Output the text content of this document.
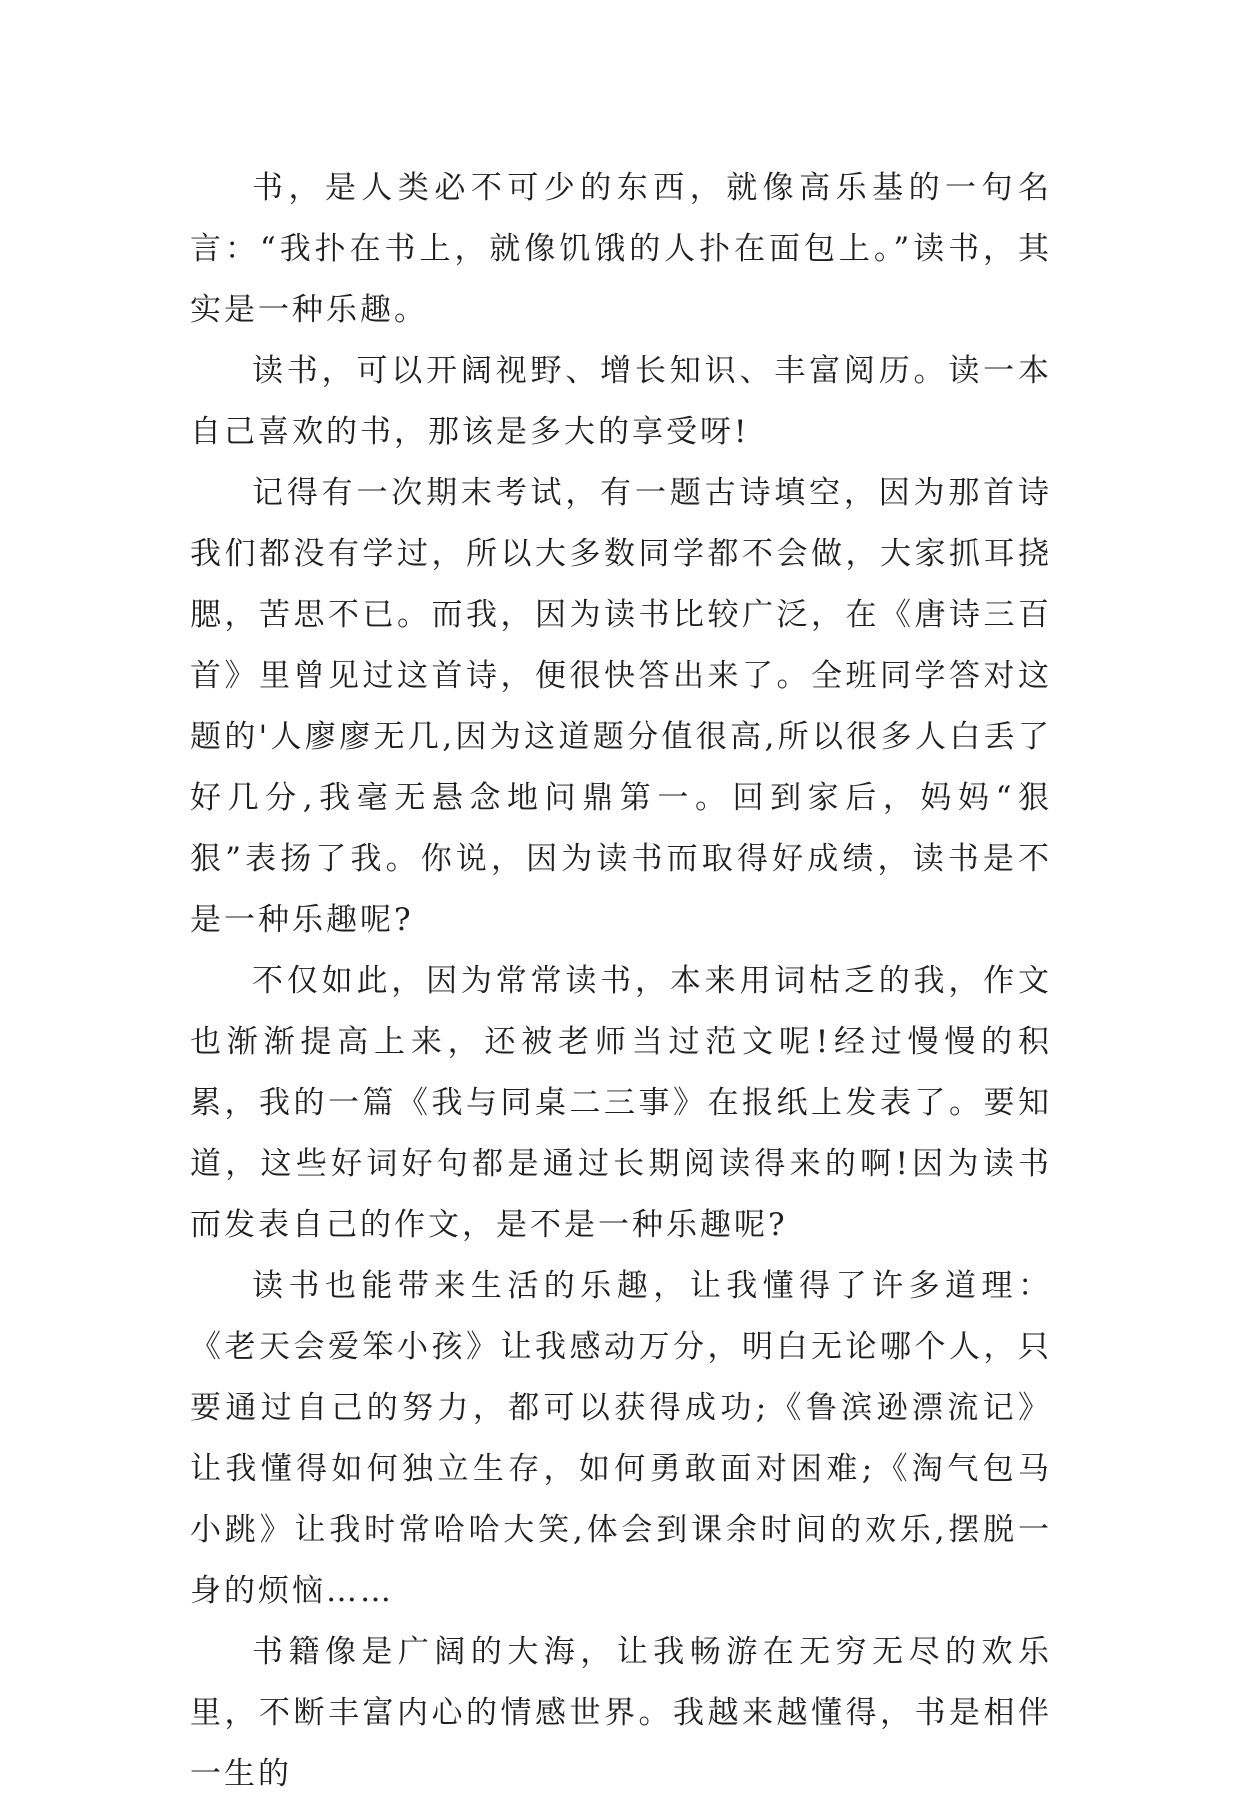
书，是人类必不可少的东西，就像高乐基的一句名言：“我扑在书上，就像饥饿的人扑在面包上。”读书，其实是一种乐趣。

读书，可以开阔视野、增长知识、丰富阅历。读一本自己喜欢的书，那该是多大的享受呀!

记得有一次期末考试，有一题古诗填空，因为那首诗我们都没有学过，所以大多数同学都不会做，大家抓耳挠腮，苦思不已。而我，因为读书比较广泛，在《唐诗三百首》里曾见过这首诗，便很快答出来了。全班同学答对这题的'人廖廖无几,因为这道题分值很高,所以很多人白丢了好几分,我毫无悬念地问鼎第一。回到家后，妈妈“狠狠”表扬了我。你说，因为读书而取得好成绩，读书是不是一种乐趣呢?

不仅如此，因为常常读书，本来用词枯乏的我，作文也渐渐提高上来，还被老师当过范文呢!经过慢慢的积累，我的一篇《我与同桌二三事》在报纸上发表了。要知道，这些好词好句都是通过长期阅读得来的啊!因为读书而发表自己的作文，是不是一种乐趣呢?

读书也能带来生活的乐趣，让我懂得了许多道理：《老天会爱笨小孩》让我感动万分，明白无论哪个人，只要通过自己的努力，都可以获得成功;《鲁滨逊漂流记》让我懂得如何独立生存，如何勇敢面对困难;《淘气包马小跳》让我时常哈哈大笑,体会到课余时间的欢乐,摆脱一身的烦恼……

书籍像是广阔的大海，让我畅游在无穷无尽的欢乐里，不断丰富内心的情感世界。我越来越懂得，书是相伴一生的
